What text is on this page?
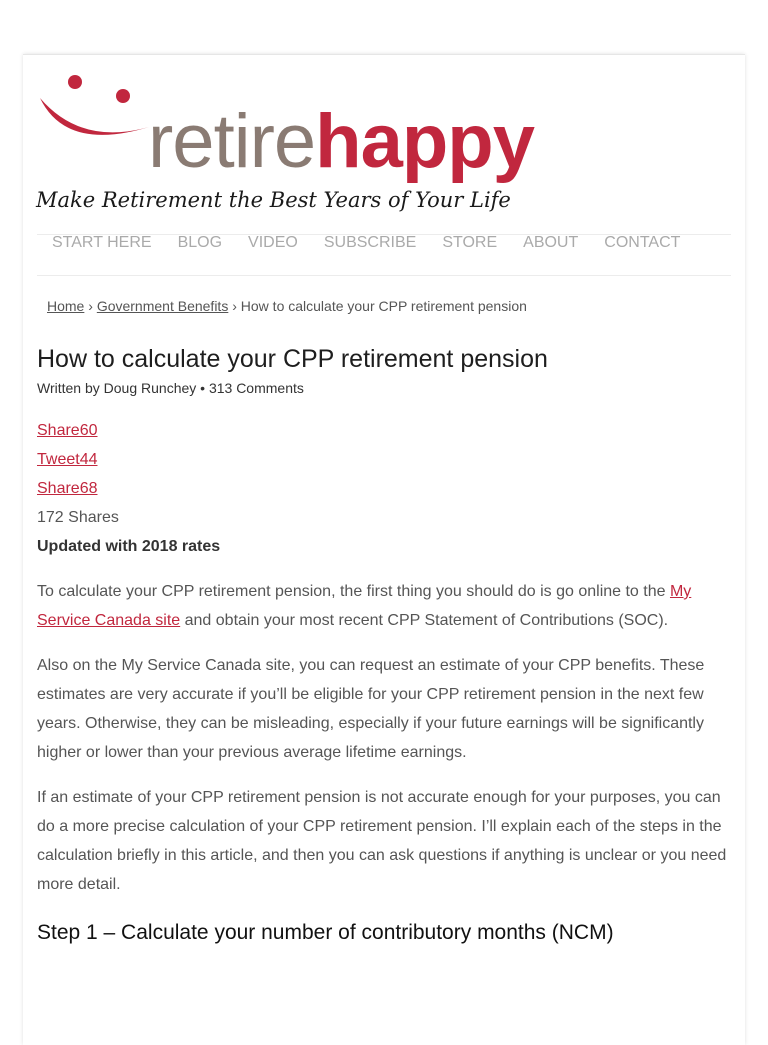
retirehappy
Make Retirement the Best Years of Your Life
START HERE	BLOG	VIDEO	SUBSCRIBE	STORE	ABOUT	CONTACT
Home › Government Benefits › How to calculate your CPP retirement pension
How to calculate your CPP retirement pension
Written by Doug Runchey • 313 Comments
Share60
Tweet44
Share68
172 Shares
Updated with 2018 rates

To calculate your CPP retirement pension, the first thing you should do is go online to the My Service Canada site and obtain your most recent CPP Statement of Contributions (SOC).

Also on the My Service Canada site, you can request an estimate of your CPP benefits. These estimates are very accurate if you’ll be eligible for your CPP retirement pension in the next few years. Otherwise, they can be misleading, especially if your future earnings will be significantly higher or lower than your previous average lifetime earnings.

If an estimate of your CPP retirement pension is not accurate enough for your purposes, you can do a more precise calculation of your CPP retirement pension. I’ll explain each of the steps in the calculation briefly in this article, and then you can ask questions if anything is unclear or you need more detail.

Step 1 – Calculate your number of contributory months (NCM)
